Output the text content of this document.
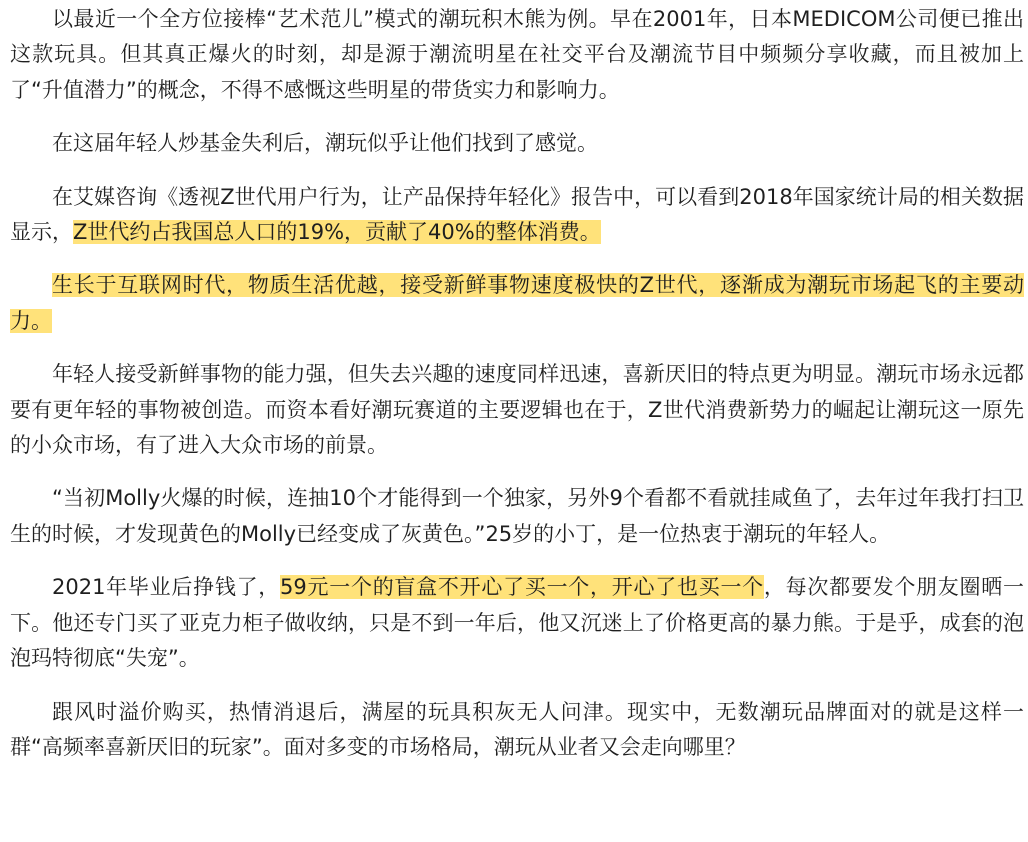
以最近一个全方位接棒“艺术范儿”模式的潮玩积木熊为例。早在2001年，日本MEDICOM公司便已推出这款玩具。但其真正爆火的时刻，却是源于潮流明星在社交平台及潮流节目中频频分享收藏，而且被加上了“升值潜力”的概念，不得不感慨这些明星的带货实力和影响力。

在这届年轻人炒基金失利后，潮玩似乎让他们找到了感觉。

在艾媒咨询《透视Z世代用户行为，让产品保持年轻化》报告中，可以看到2018年国家统计局的相关数据显示，Z世代约占我国总人口的19%，贡献了40%的整体消费。

生长于互联网时代，物质生活优越，接受新鲜事物速度极快的Z世代，逐渐成为潮玩市场起飞的主要动力。

年轻人接受新鲜事物的能力强，但失去兴趣的速度同样迅速，喜新厌旧的特点更为明显。潮玩市场永远都要有更年轻的事物被创造。而资本看好潮玩赛道的主要逻辑也在于，Z世代消费新势力的崛起让潮玩这一原先的小众市场，有了进入大众市场的前景。

“当初Molly火爆的时候，连抽10个才能得到一个独家，另外9个看都不看就挂咸鱼了，去年过年我打扫卫生的时候，才发现黄色的Molly已经变成了灰黄色。”25岁的小丁，是一位热衷于潮玩的年轻人。

2021年毕业后挣钱了，59元一个的盲盒不开心了买一个，开心了也买一个，每次都要发个朋友圈晒一下。他还专门买了亚克力柜子做收纳，只是不到一年后，他又沉迷上了价格更高的暴力熊。于是乎，成套的泡泡玛特彻底“失宠”。

跟风时溢价购买，热情消退后，满屋的玩具积灰无人问津。现实中，无数潮玩品牌面对的就是这样一群“高频率喜新厌旧的玩家”。面对多变的市场格局，潮玩从业者又会走向哪里？
